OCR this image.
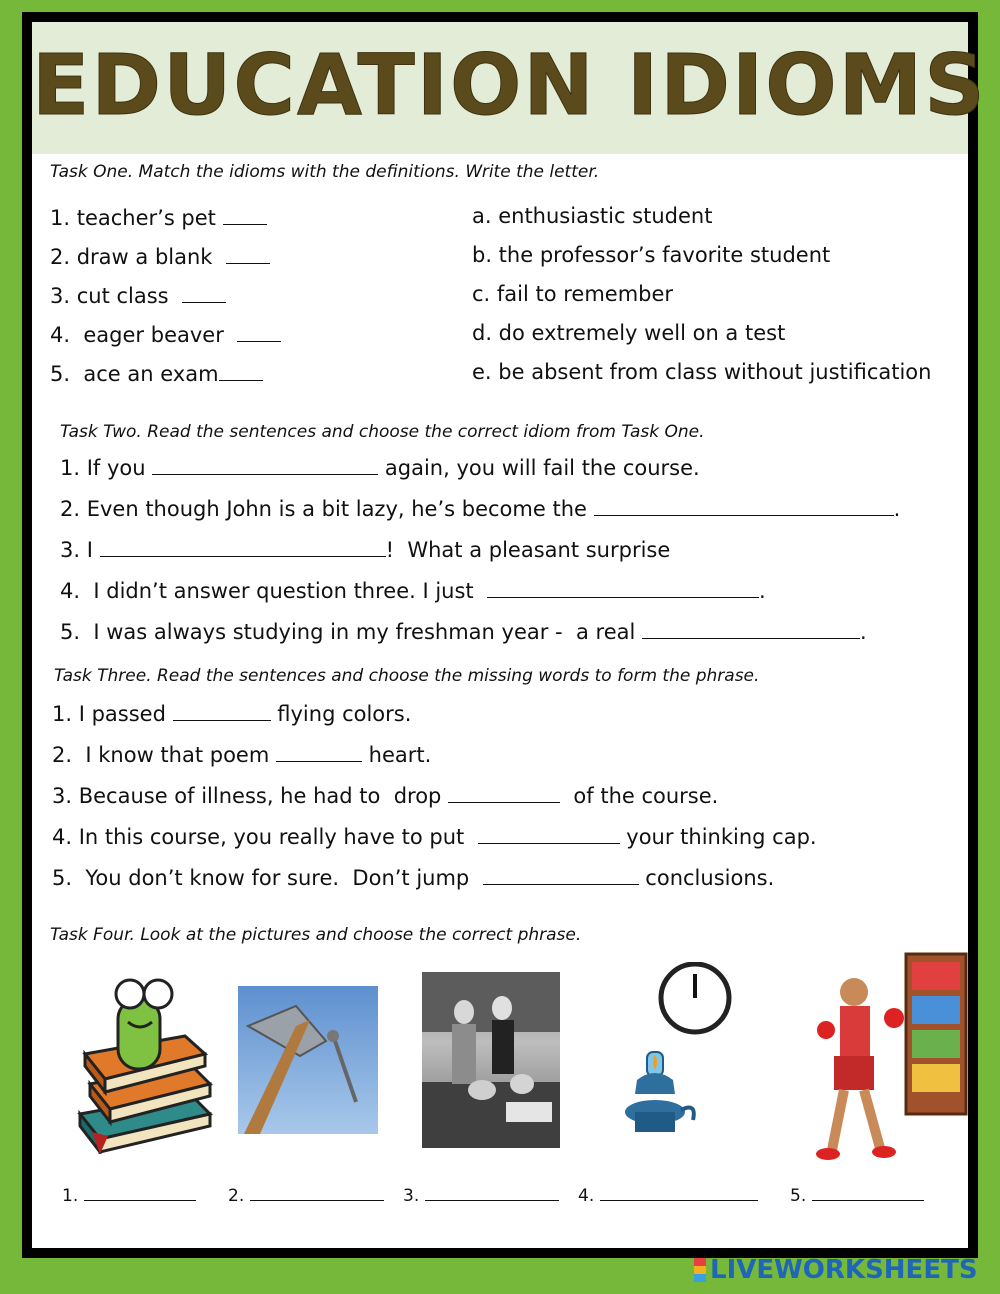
EDUCATION IDIOMS
Task One. Match the idioms with the definitions. Write the letter.
1. teacher’s pet
2. draw a blank
3. cut class
4.  eager beaver
5.  ace an exam
a. enthusiastic student
b. the professor’s favorite student
c. fail to remember
d. do extremely well on a test
e. be absent from class without justification
Task Two. Read the sentences and choose the correct idiom from Task One.
1. If you	again, you will fail the course.
2. Even though John is a bit lazy, he’s become the	.
3. I	!  What a pleasant surprise
4.  I didn’t answer question three. I just	.
5.  I was always studying in my freshman year -  a real	.
Task Three. Read the sentences and choose the missing words to form the phrase.
1. I passed	flying colors.
2.  I know that poem	heart.
3. Because of illness, he had to  drop	of the course.
4. In this course, you really have to put	your thinking cap.
5.  You don’t know for sure.  Don’t jump	conclusions.
Task Four. Look at the pictures and choose the correct phrase.
1.	2.	3.	4.	5.
LIVEWORKSHEETS
